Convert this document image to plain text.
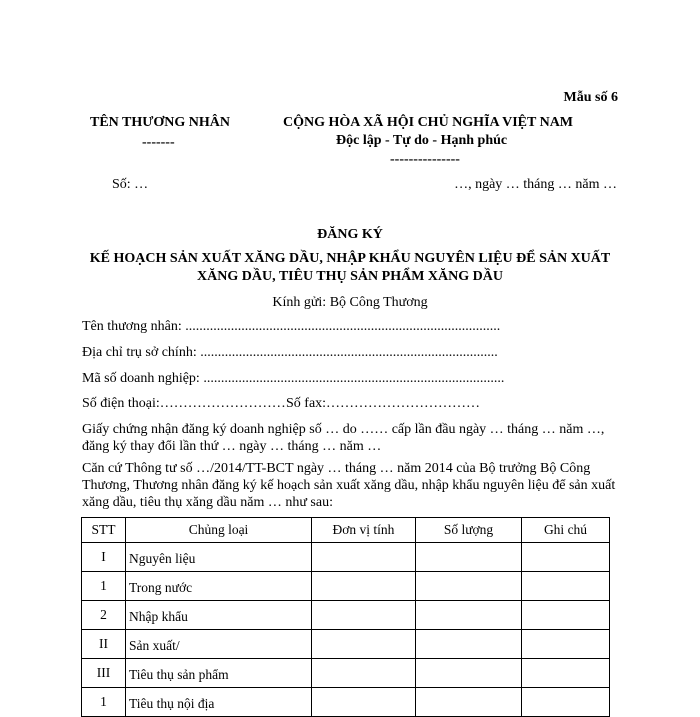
Mẫu số 6
TÊN THƯƠNG NHÂN
-------
CỘNG HÒA XÃ HỘI CHỦ NGHĨA VIỆT NAM
Độc lập - Tự do - Hạnh phúc
---------------
Số: …	…, ngày … tháng … năm …
ĐĂNG KÝ
KẾ HOẠCH SẢN XUẤT XĂNG DẦU, NHẬP KHẨU NGUYÊN LIỆU ĐỂ SẢN XUẤT XĂNG DẦU, TIÊU THỤ SẢN PHẨM XĂNG DẦU
Kính gửi: Bộ Công Thương
Tên thương nhân: ..........................................................................................
Địa chỉ trụ sở chính: .....................................................................................
Mã số doanh nghiệp: ......................................................................................
Số điện thoại:……………………… Số fax:……………………………
Giấy chứng nhận đăng ký doanh nghiệp số … do …… cấp lần đầu ngày … tháng … năm …, đăng ký thay đổi lần thứ … ngày … tháng … năm …
Căn cứ Thông tư số …/2014/TT-BCT ngày … tháng … năm 2014 của Bộ trưởng Bộ Công Thương, Thương nhân đăng ký kế hoạch sản xuất xăng dầu, nhập khẩu nguyên liệu để sản xuất xăng dầu, tiêu thụ xăng dầu năm … như sau:
STT	Chủng loại	Đơn vị tính	Số lượng	Ghi chú
I	Nguyên liệu			
1	Trong nước			
2	Nhập khẩu			
II	Sản xuất/			
III	Tiêu thụ sản phẩm			
1	Tiêu thụ nội địa			
